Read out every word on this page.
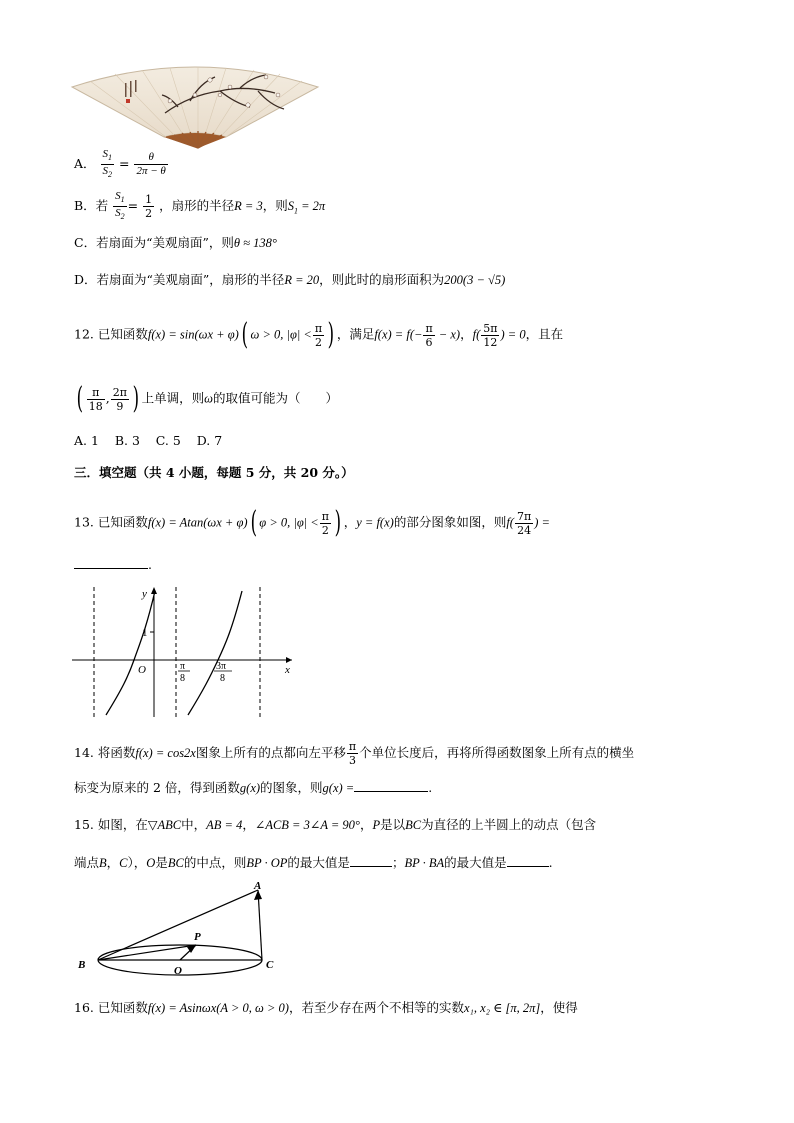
A． $\frac{S_1}{S_2} = \frac{\theta}{2\pi - \theta}$
B．若 $\frac{S_1}{S_2} = \frac{1}{2}$ ，扇形的半径R = 3，则$S_1 = 2\pi$
C．若扇面为“美观扇面”，则θ ≈ 138°
D．若扇面为“美观扇面”，扇形的半径R = 20，则此时的扇形面积为200(3 − √5)
12. 已知函数f(x) = sin(ωx + φ)( ω > 0, $|\varphi| < \frac{\pi}{2}$ ) ，满足$f(x) = f(- \frac{\pi}{6} - x)$，$f( \frac{5\pi}{12}$ ) = 0，且在
( $\frac{\pi}{18}$ , $\frac{2\pi}{9}$ ) 上单调，则ω的取值可能为（　　）
A. 1    B. 3    C. 5    D. 7
三．填空题（共 4 小题，每题 5 分，共 20 分。）
13. 已知函数f(x) = Atan(ωx + φ)( φ > 0, $|\varphi| < \frac{\pi}{2}$ ) ，y = f(x)的部分图象如图，则$f( \frac{7\pi}{24}$ ) =
.
y
1
O	x
π
8
3π
8
14. 将函数f(x) = cos2x图象上所有的点都向左平移 $\frac{\pi}{3}$ 个单位长度后，再将所得函数图象上所有点的横坐
标变为原来的 2 倍，得到函数g(x)的图象，则g(x) =	.
15. 如图，在▽ABC中，AB = 4，∠ACB = 3∠A = 90°，P是以BC为直径的上半圆上的动点（包含
端点B，C），O是BC的中点，则BP · OP的最大值是	；BP · BA的最大值是	.
A
P
B	O	C
16. 已知函数f(x) = Asinωx(A > 0, ω > 0)，若至少存在两个不相等的实数x₁, x₂ ∈ [π, 2π]，使得
